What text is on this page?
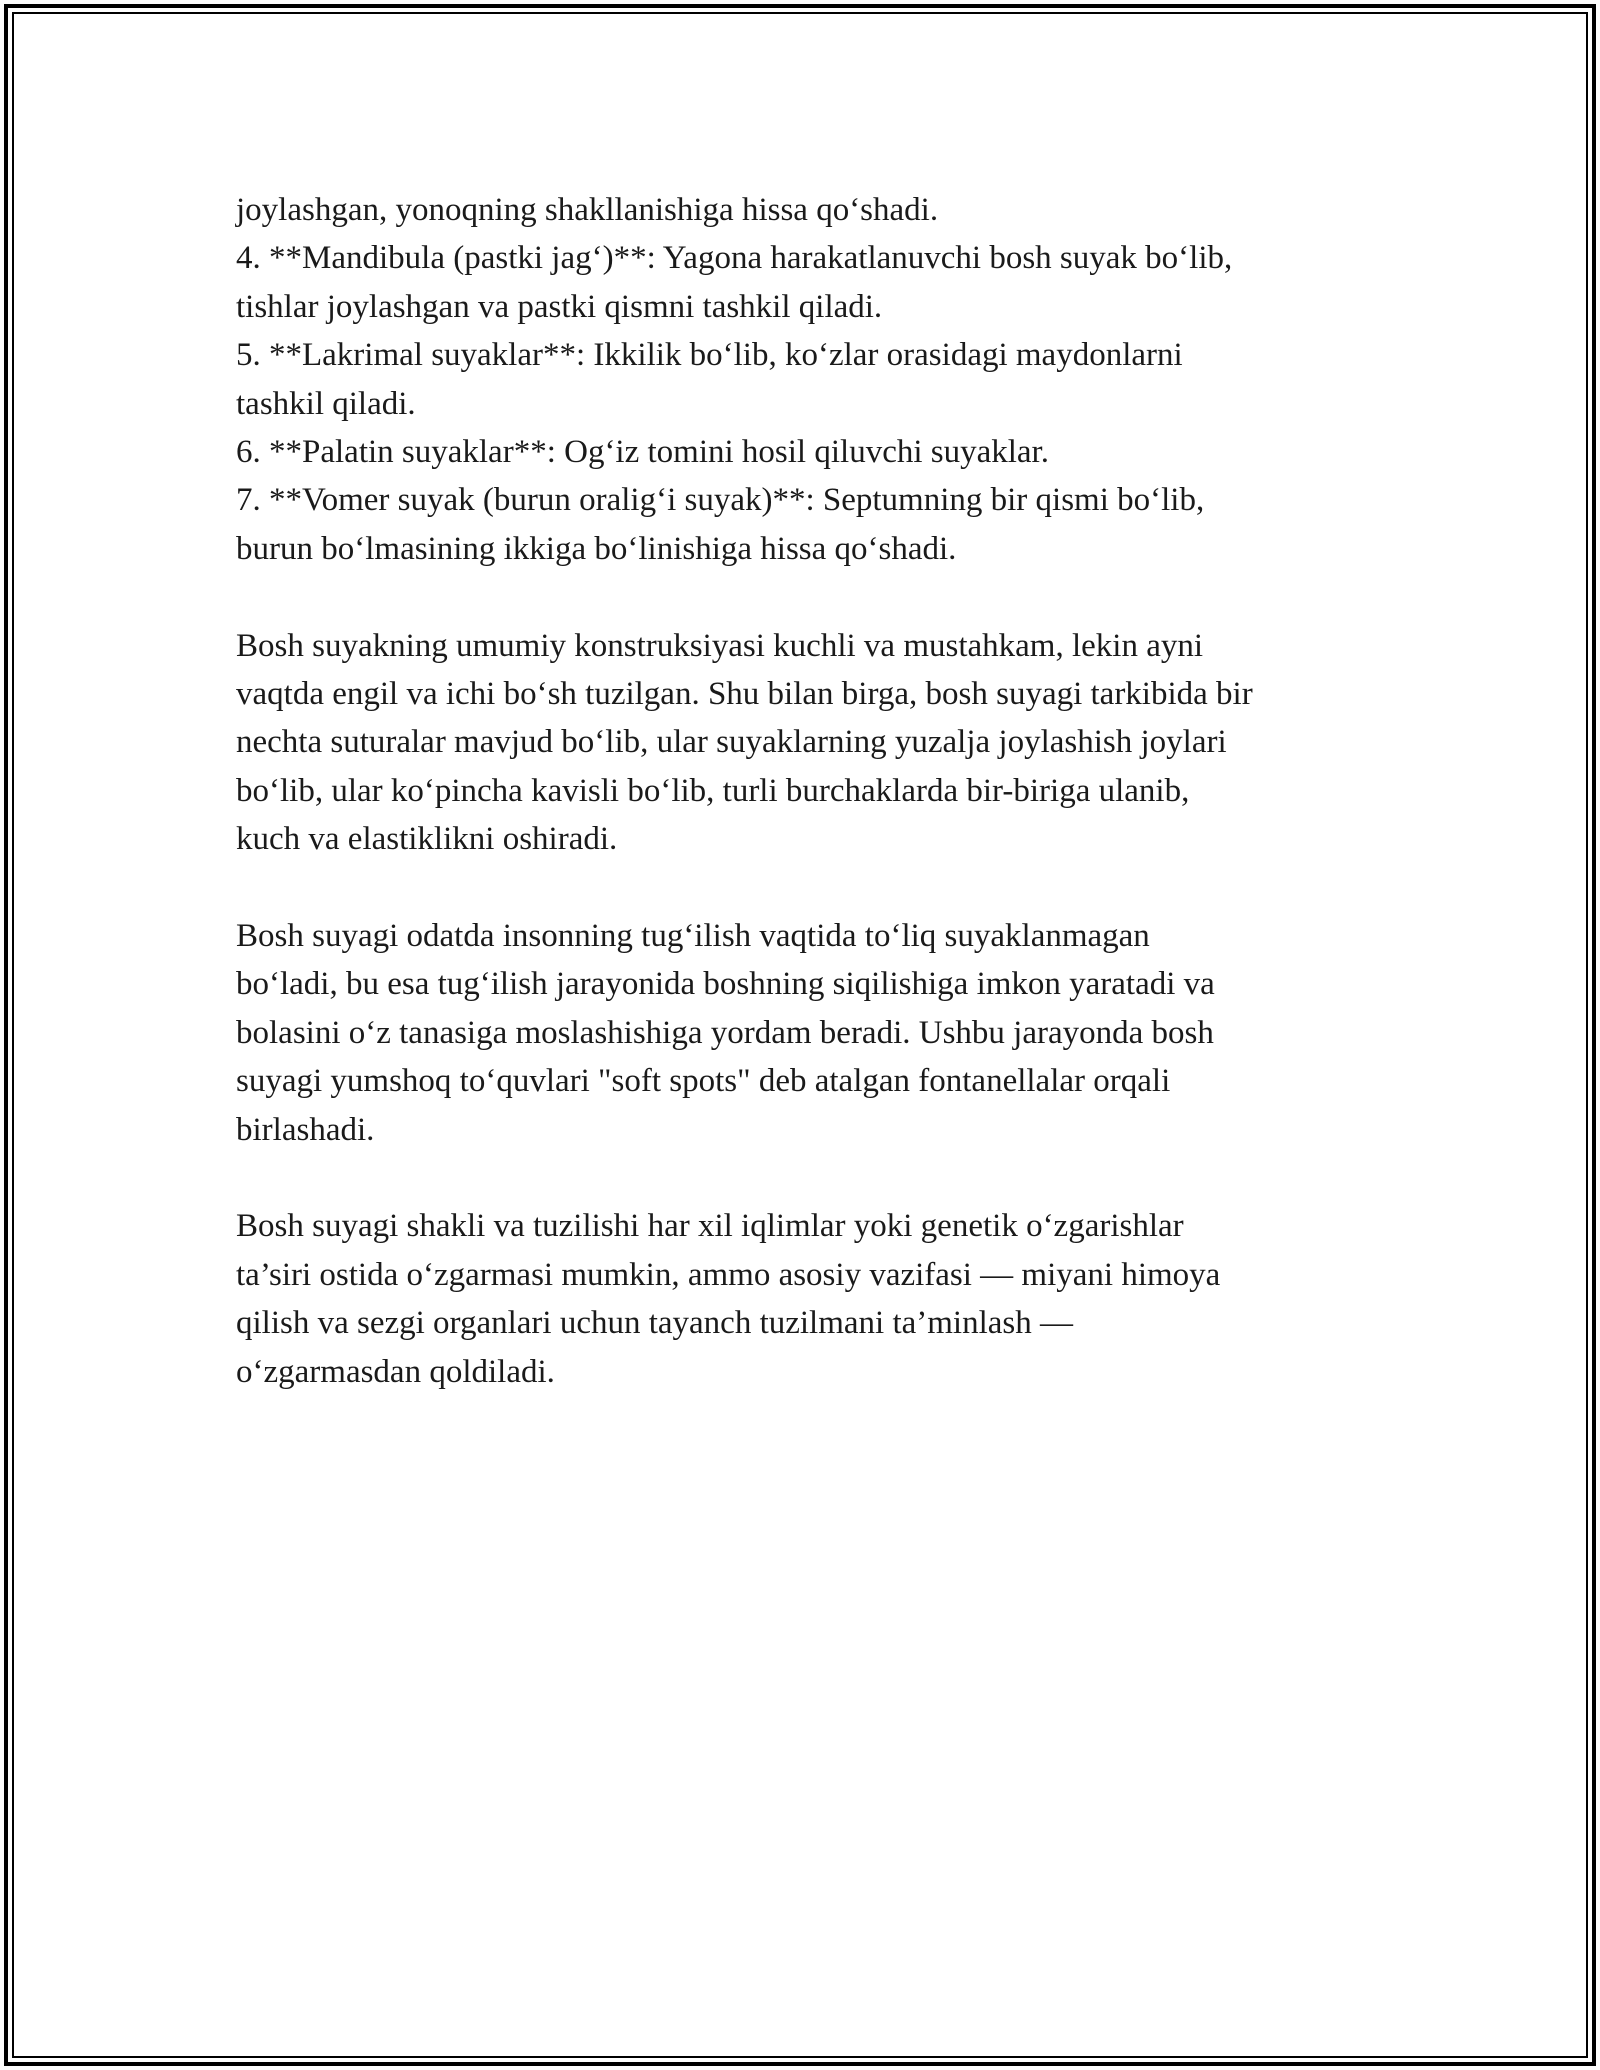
joylashgan, yonoqning shakllanishiga hissa qo‘shadi.
4. **Mandibula (pastki jag‘)**: Yagona harakatlanuvchi bosh suyak bo‘lib,
tishlar joylashgan va pastki qismni tashkil qiladi.
5. **Lakrimal suyaklar**: Ikkilik bo‘lib, ko‘zlar orasidagi maydonlarni
tashkil qiladi.
6. **Palatin suyaklar**: Og‘iz tomini hosil qiluvchi suyaklar.
7. **Vomer suyak (burun oralig‘i suyak)**: Septumning bir qismi bo‘lib,
burun bo‘lmasining ikkiga bo‘linishiga hissa qo‘shadi.
Bosh suyakning umumiy konstruksiyasi kuchli va mustahkam, lekin ayni
vaqtda engil va ichi bo‘sh tuzilgan. Shu bilan birga, bosh suyagi tarkibida bir
nechta suturalar mavjud bo‘lib, ular suyaklarning yuzalja joylashish joylari
bo‘lib, ular ko‘pincha kavisli bo‘lib, turli burchaklarda bir-biriga ulanib,
kuch va elastiklikni oshiradi.
Bosh suyagi odatda insonning tug‘ilish vaqtida to‘liq suyaklanmagan
bo‘ladi, bu esa tug‘ilish jarayonida boshning siqilishiga imkon yaratadi va
bolasini o‘z tanasiga moslashishiga yordam beradi. Ushbu jarayonda bosh
suyagi yumshoq to‘quvlari "soft spots" deb atalgan fontanellalar orqali
birlashadi.
Bosh suyagi shakli va tuzilishi har xil iqlimlar yoki genetik o‘zgarishlar
ta’siri ostida o‘zgarmasi mumkin, ammo asosiy vazifasi — miyani himoya
qilish va sezgi organlari uchun tayanch tuzilmani ta’minlash —
o‘zgarmasdan qoldiladi.
